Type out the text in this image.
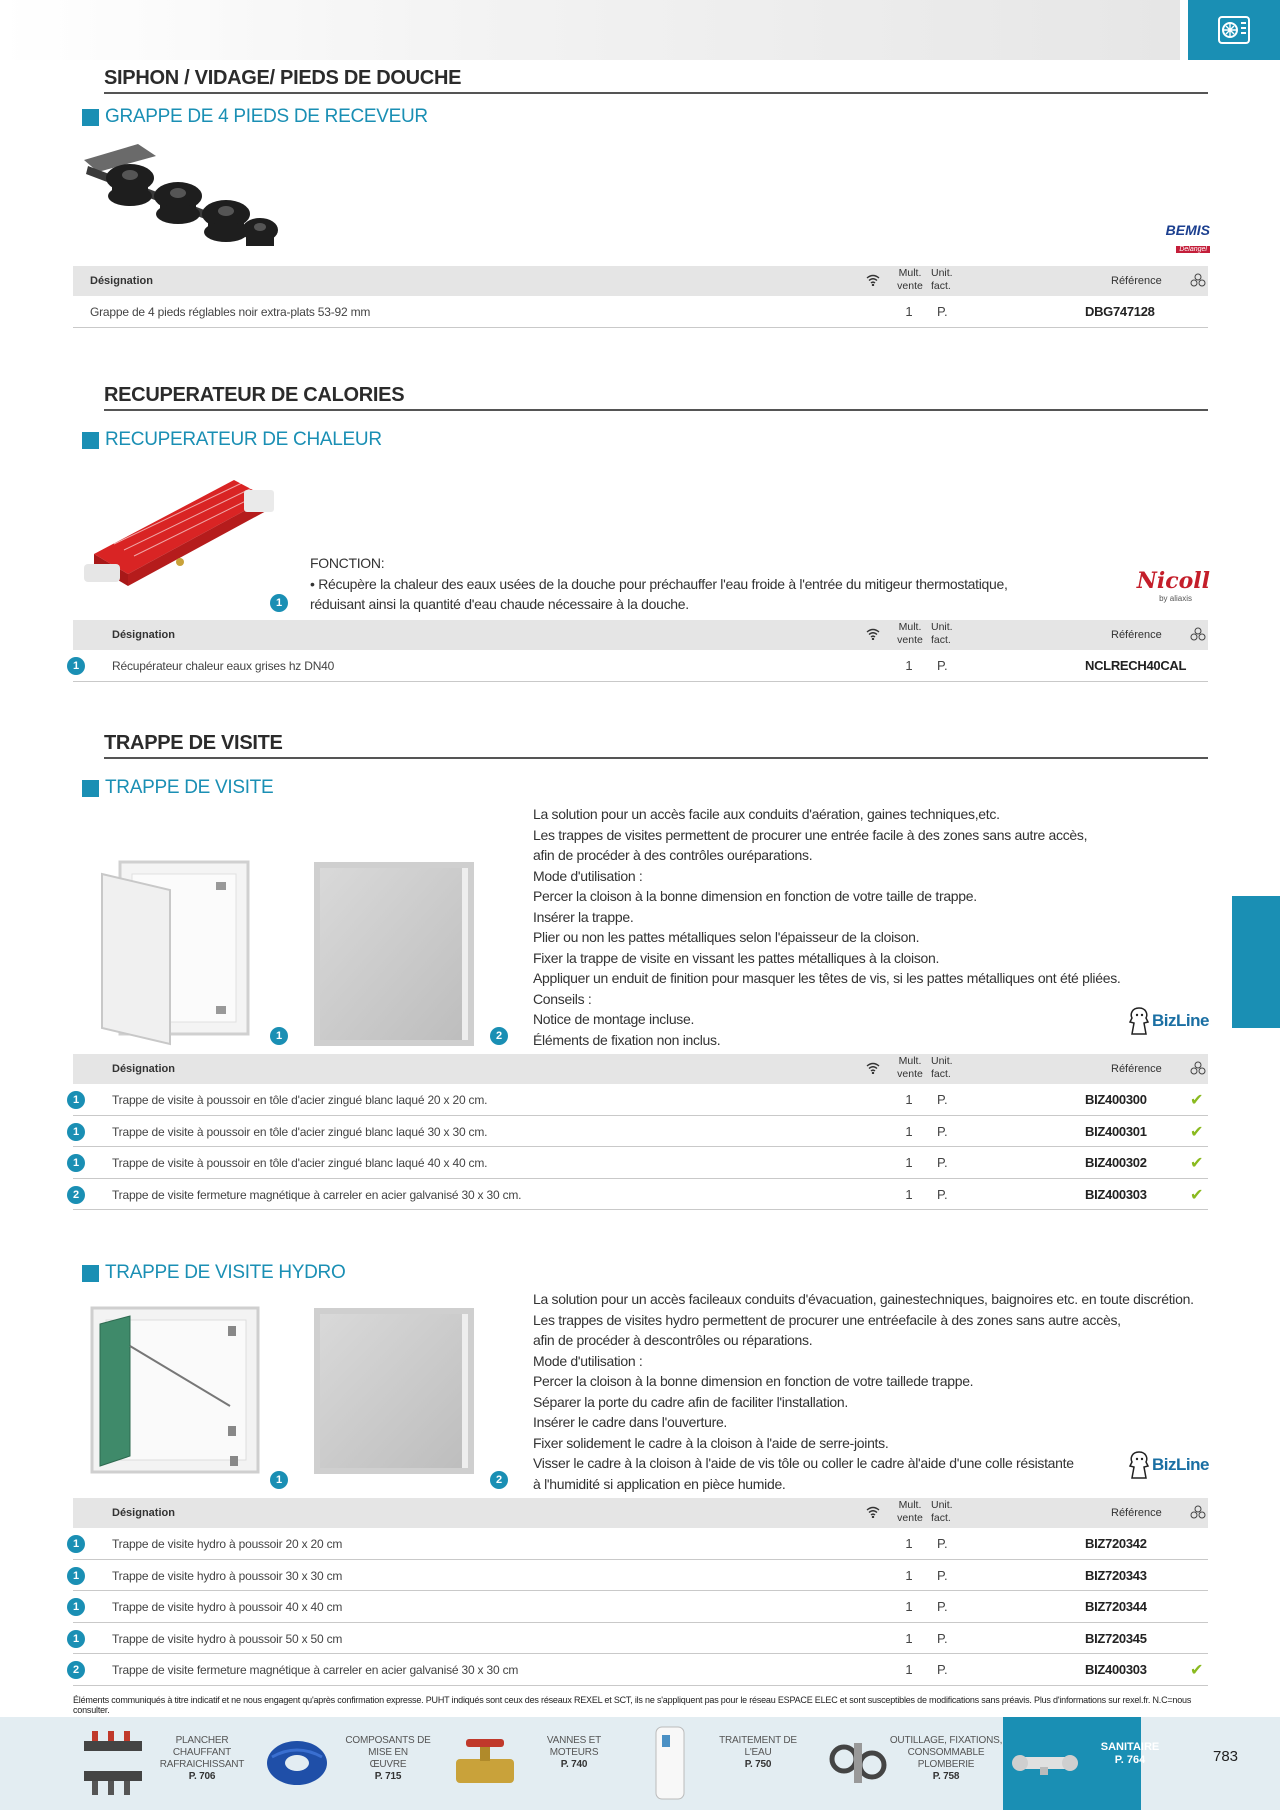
SIPHON / VIDAGE/ PIEDS DE DOUCHE
GRAPPE DE 4 PIEDS DE RECEVEUR
BEMIS
Delangel
Désignation
Mult. vente
Unit. fact.	Référence
Grappe de 4 pieds réglables noir extra-plats 53-92 mm	1	P.	DBG747128
RECUPERATEUR DE CALORIES
RECUPERATEUR DE CHALEUR
FONCTION:
• Récupère la chaleur des eaux usées de la douche pour préchauffer l'eau froide à l'entrée du mitigeur thermostatique,
réduisant ainsi la quantité d'eau chaude nécessaire à la douche.
1
Nicoll
by aliaxis
Désignation
Mult. vente
Unit. fact.	Référence
1	Récupérateur chaleur eaux grises hz DN40	1	P.	NCLRECH40CAL
TRAPPE DE VISITE
TRAPPE DE VISITE
1	2
La solution pour un accès facile aux conduits d'aération, gaines techniques,etc.
Les trappes de visites permettent de procurer une entrée facile à des zones sans autre accès,
afin de procéder à des contrôles ouréparations.
Mode d'utilisation :
Percer la cloison à la bonne dimension en fonction de votre taille de trappe.
Insérer la trappe.
Plier ou non les pattes métalliques selon l'épaisseur de la cloison.
Fixer la trappe de visite en vissant les pattes métalliques à la cloison.
Appliquer un enduit de finition pour masquer les têtes de vis, si les pattes métalliques ont été pliées.
Conseils :
Notice de montage incluse.
Éléments de fixation non inclus.
BizLine
Désignation
Mult. vente
Unit. fact.	Référence
1	Trappe de visite à poussoir en tôle d'acier zingué blanc laqué 20 x 20 cm.	1	P.	BIZ400300	✔
1	Trappe de visite à poussoir en tôle d'acier zingué blanc laqué 30 x 30 cm.	1	P.	BIZ400301	✔
1	Trappe de visite à poussoir en tôle d'acier zingué blanc laqué 40 x 40 cm.	1	P.	BIZ400302	✔
2	Trappe de visite fermeture magnétique à carreler en acier galvanisé 30 x 30 cm.	1	P.	BIZ400303	✔
TRAPPE DE VISITE HYDRO
1	2
La solution pour un accès facileaux conduits d'évacuation, gainestechniques, baignoires etc. en toute discrétion.
Les trappes de visites hydro permettent de procurer une entréefacile à des zones sans autre accès,
afin de procéder à descontrôles ou réparations.
Mode d'utilisation :
Percer la cloison à la bonne dimension en fonction de votre tailledе trappe.
Séparer la porte du cadre afin de faciliter l'installation.
Insérer le cadre dans l'ouverture.
Fixer solidement le cadre à la cloison à l'aide de serre-joints.
Visser le cadre à la cloison à l'aide de vis tôle ou coller le cadre àl'aide d'une colle résistante
à l'humidité si application en pièce humide.
BizLine
Désignation
Mult. vente
Unit. fact.	Référence
1	Trappe de visite hydro à poussoir 20 x 20 cm	1	P.	BIZ720342
1	Trappe de visite hydro à poussoir 30 x 30 cm	1	P.	BIZ720343
1	Trappe de visite hydro à poussoir 40 x 40 cm	1	P.	BIZ720344
1	Trappe de visite hydro à poussoir 50 x 50 cm	1	P.	BIZ720345
2	Trappe de visite fermeture magnétique à carreler en acier galvanisé 30 x 30 cm	1	P.	BIZ400303	✔
Éléments communiqués à titre indicatif et ne nous engagent qu'après confirmation expresse. PUHT indiqués sont ceux des réseaux REXEL et SCT, ils ne s'appliquent pas pour le réseau ESPACE ELEC et sont susceptibles de modifications sans préavis. Plus d'informations sur rexel.fr. N.C=nous consulter.
PLANCHER CHAUFFANT
RAFRAICHISSANT
P. 706
COMPOSANTS DE MISE EN
ŒUVRE
P. 715
VANNES ET MOTEURS
P. 740
TRAITEMENT DE L'EAU
P. 750
OUTILLAGE, FIXATIONS,
CONSOMMABLE PLOMBERIE
P. 758
SANITAIRE
P. 764	783
